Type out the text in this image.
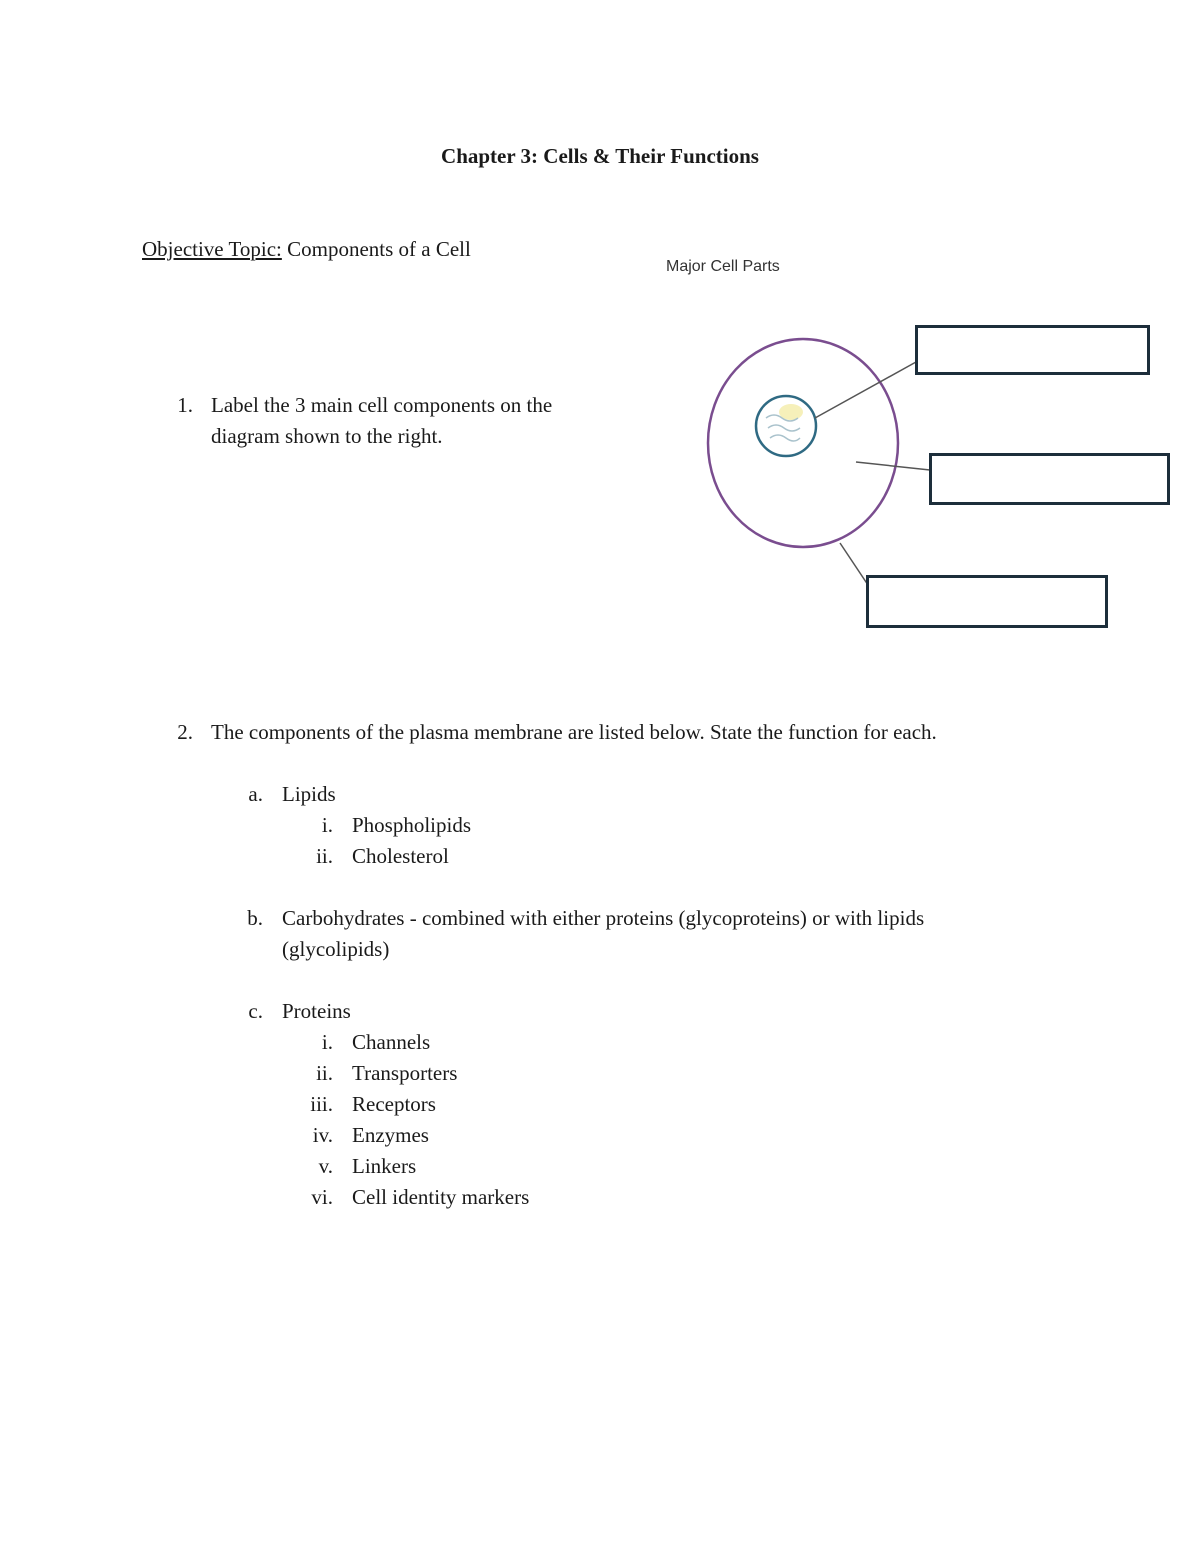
Chapter 3: Cells & Their Functions
Objective Topic: Components of a Cell
Major Cell Parts
1. Label the 3 main cell components on the
diagram shown to the right.
2. The components of the plasma membrane are listed below. State the function for each.
a. Lipids
i. Phospholipids
ii. Cholesterol
b. Carbohydrates - combined with either proteins (glycoproteins) or with lipids
(glycolipids)
c. Proteins
i. Channels
ii. Transporters
iii. Receptors
iv. Enzymes
v. Linkers
vi. Cell identity markers
